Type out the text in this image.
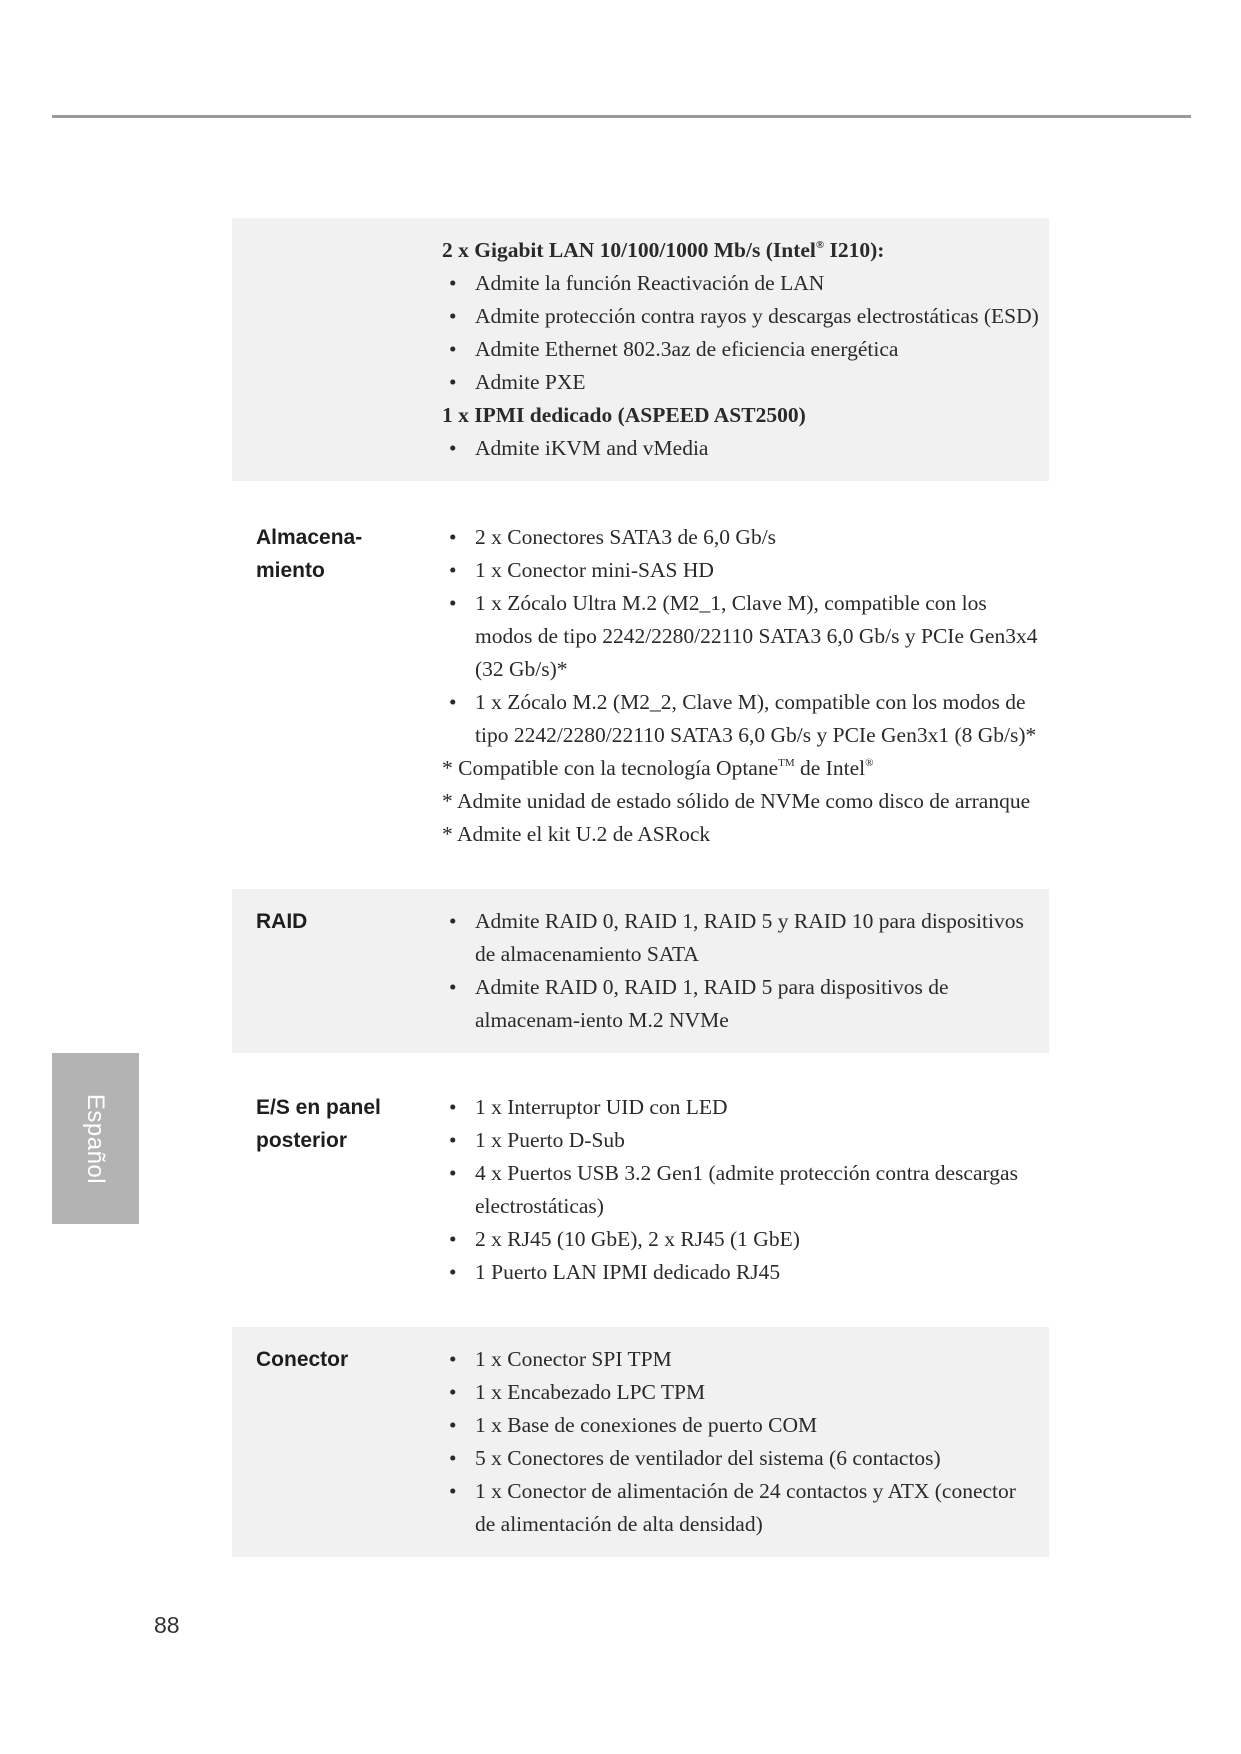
Español
2 x Gigabit LAN 10/100/1000 Mb/s (Intel® I210):
• Admite la función Reactivación de LAN
• Admite protección contra rayos y descargas electrostáticas (ESD)
• Admite Ethernet 802.3az de eficiencia energética
• Admite PXE
1 x IPMI dedicado (ASPEED AST2500)
• Admite iKVM and vMedia
Almacena-
miento
• 2 x Conectores SATA3 de 6,0 Gb/s
• 1 x Conector mini-SAS HD
• 1 x Zócalo Ultra M.2 (M2_1, Clave M), compatible con los modos de tipo 2242/2280/22110 SATA3 6,0 Gb/s y PCIe Gen3x4 (32 Gb/s)*
• 1 x Zócalo M.2 (M2_2, Clave M), compatible con los modos de tipo 2242/2280/22110 SATA3 6,0 Gb/s y PCIe Gen3x1 (8 Gb/s)*
* Compatible con la tecnología Optane™ de Intel®
* Admite unidad de estado sólido de NVMe como disco de arranque
* Admite el kit U.2 de ASRock
RAID	• Admite RAID 0, RAID 1, RAID 5 y RAID 10 para dispositivos de almacenamiento SATA
• Admite RAID 0, RAID 1, RAID 5 para dispositivos de almacenam-iento M.2 NVMe
E/S en panel
posterior
• 1 x Interruptor UID con LED
• 1 x Puerto D-Sub
• 4 x Puertos USB 3.2 Gen1 (admite protección contra descargas electrostáticas)
• 2 x RJ45 (10 GbE), 2 x RJ45 (1 GbE)
• 1 Puerto LAN IPMI dedicado RJ45
Conector	• 1 x Conector SPI TPM
• 1 x Encabezado LPC TPM
• 1 x Base de conexiones de puerto COM
• 5 x Conectores de ventilador del sistema (6 contactos)
• 1 x Conector de alimentación de 24 contactos y ATX (conector de alimentación de alta densidad)
88
